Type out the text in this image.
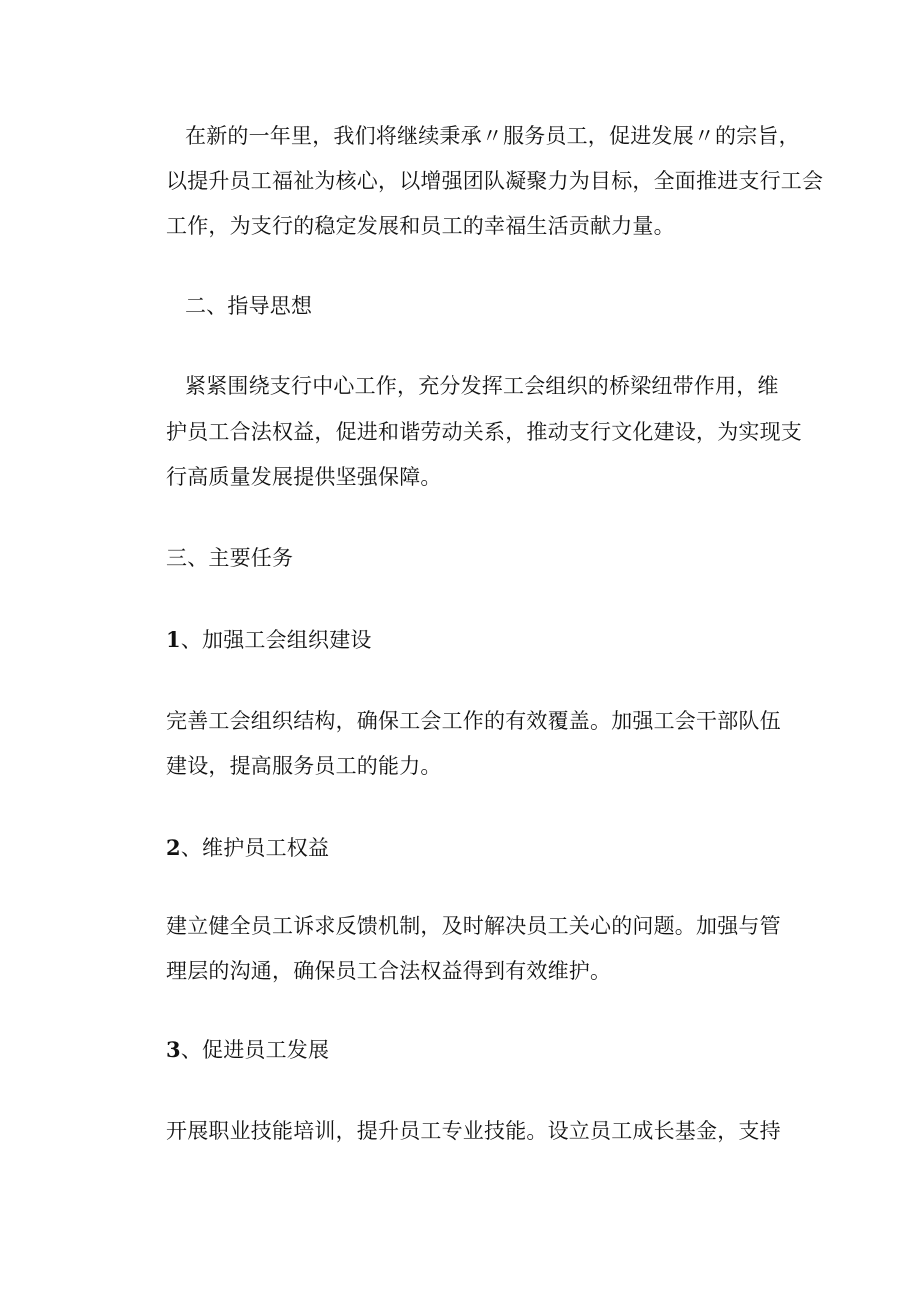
在新的一年里，我们将继续秉承〃服务员工，促进发展〃的宗旨，
以提升员工福祉为核心，以增强团队凝聚力为目标，全面推进支行工会
工作，为支行的稳定发展和员工的幸福生活贡献力量。
二、指导思想
紧紧围绕支行中心工作，充分发挥工会组织的桥梁纽带作用，维
护员工合法权益，促进和谐劳动关系，推动支行文化建设，为实现支
行高质量发展提供坚强保障。
三、主要任务
1、加强工会组织建设
完善工会组织结构，确保工会工作的有效覆盖。加强工会干部队伍
建设，提高服务员工的能力。
2、维护员工权益
建立健全员工诉求反馈机制，及时解决员工关心的问题。加强与管
理层的沟通，确保员工合法权益得到有效维护。
3、促进员工发展
开展职业技能培训，提升员工专业技能。设立员工成长基金，支持
